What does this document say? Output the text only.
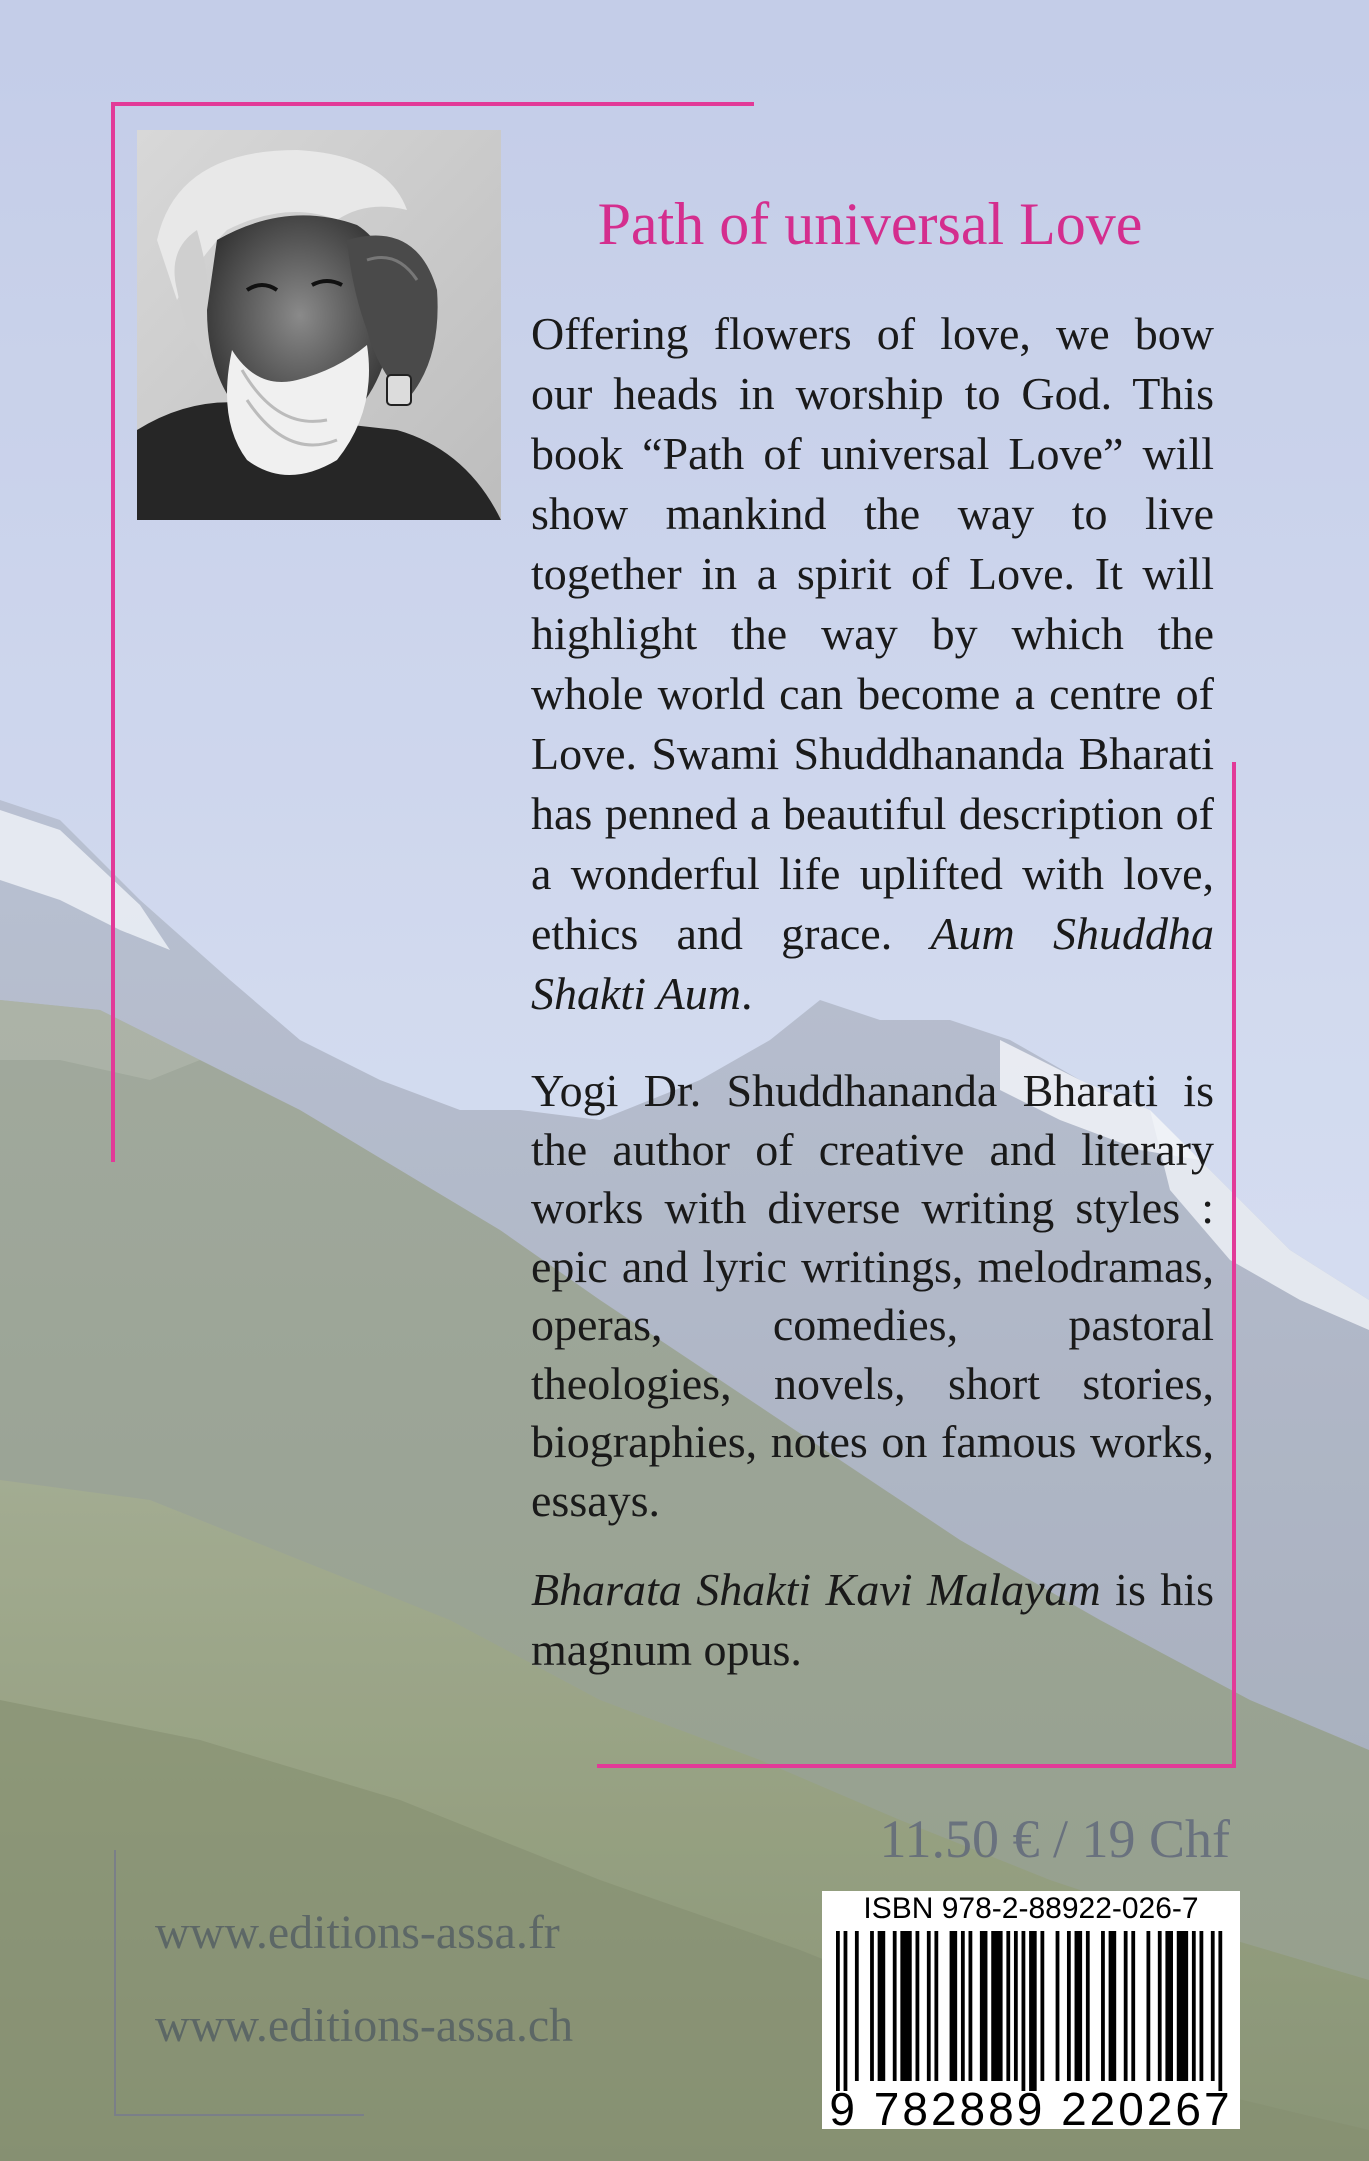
Path of universal Love

Offering flowers of love, we bow our heads in worship to God. This book “Path of universal Love” will show mankind the way to live together in a spirit of Love. It will highlight the way by which the whole world can become a centre of Love. Swami Shuddhananda Bharati has penned a beautiful description of a wonderful life uplifted with love, ethics and grace. Aum Shuddha Shakti Aum.

Yogi Dr. Shuddhananda Bharati is the author of creative and literary works with diverse writing styles : epic and lyric writings, melodramas, operas, comedies, pastoral theologies, novels, short stories, biographies, notes on famous works, essays.

Bharata Shakti Kavi Malayam is his magnum opus.

11.50 € / 19 Chf
www.editions-assa.fr
www.editions-assa.ch
ISBN 978-2-88922-026-7
9 782889 220267
